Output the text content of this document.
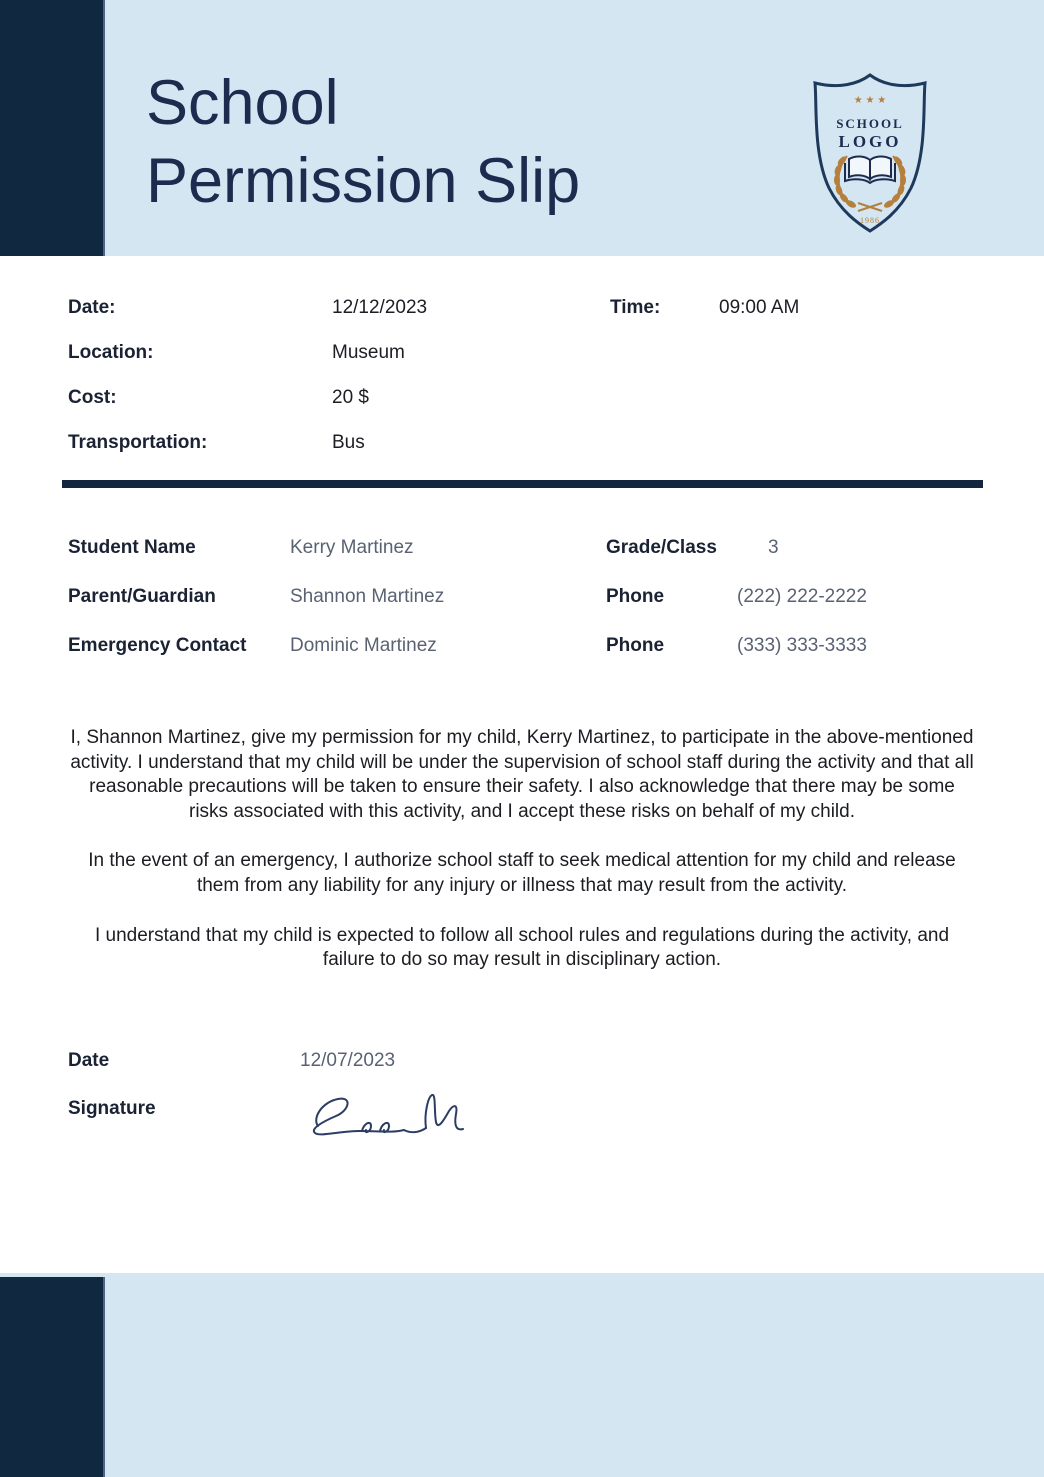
School
Permission Slip
★ ★ ★
SCHOOL
LOGO
1986
Date:	12/12/2023	Time:	09:00 AM
Location:	Museum
Cost:	20 $
Transportation:	Bus
Student Name	Kerry Martinez	Grade/Class	3
Parent/Guardian	Shannon Martinez	Phone	(222) 222-2222
Emergency Contact	Dominic Martinez	Phone	(333) 333-3333

I, Shannon Martinez, give my permission for my child, Kerry Martinez, to participate in the above-mentioned activity. I understand that my child will be under the supervision of school staff during the activity and that all reasonable precautions will be taken to ensure their safety. I also acknowledge that there may be some risks associated with this activity, and I accept these risks on behalf of my child.

In the event of an emergency, I authorize school staff to seek medical attention for my child and release them from any liability for any injury or illness that may result from the activity.

I understand that my child is expected to follow all school rules and regulations during the activity, and failure to do so may result in disciplinary action.

Date	12/07/2023
Signature
